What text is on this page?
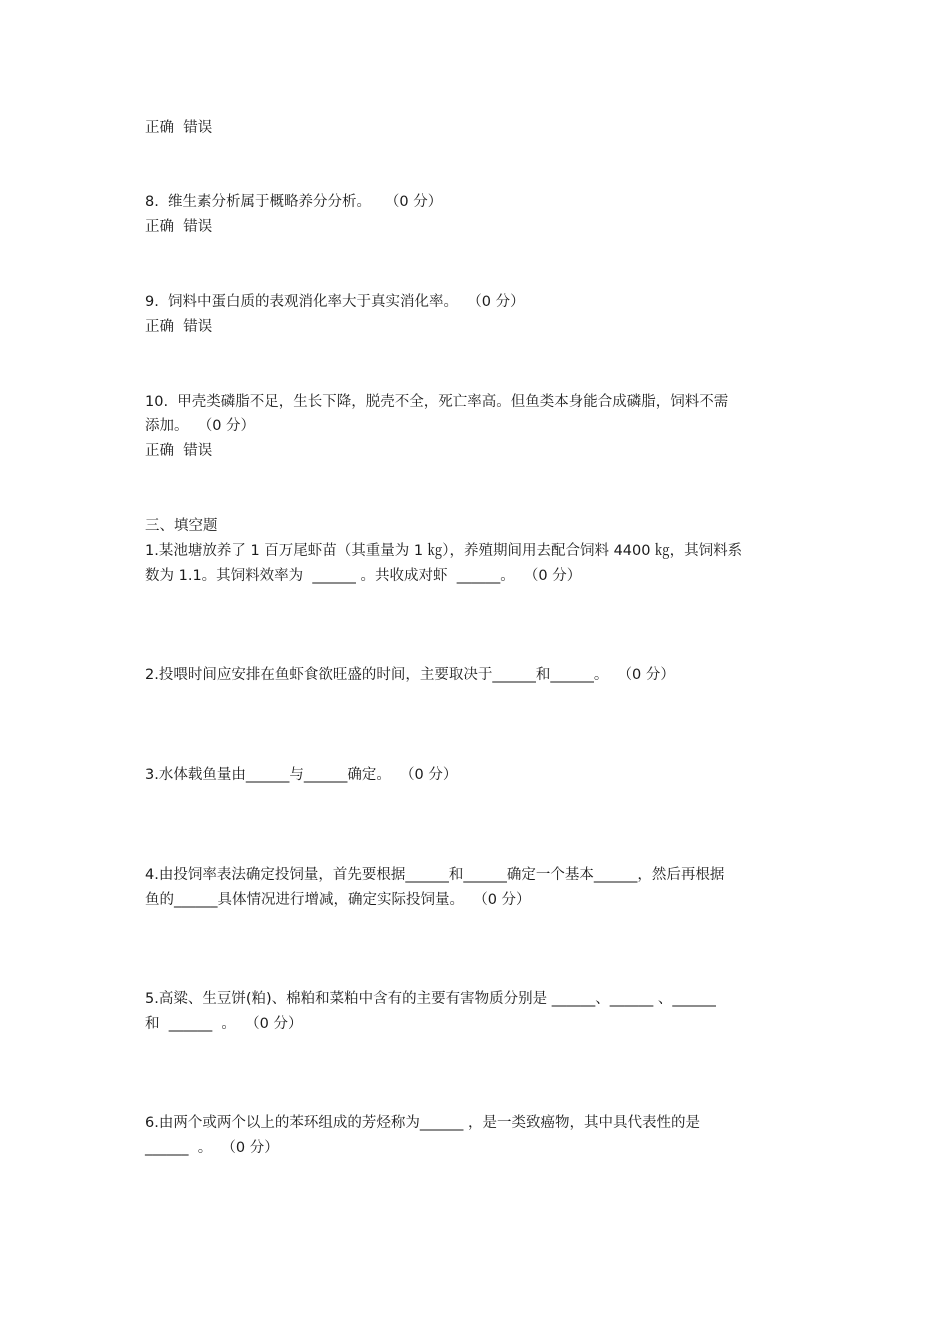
正确  错误
8.  维生素分析属于概略养分分析。   （0 分）
正确  错误
9.  饲料中蛋白质的表观消化率大于真实消化率。  （0 分）
正确  错误
10.  甲壳类磷脂不足，生长下降，脱壳不全，死亡率高。但鱼类本身能合成磷脂，饲料不需
添加。  （0 分）
正确  错误
三、填空题
1.某池塘放养了 1 百万尾虾苗（其重量为 1 ㎏），养殖期间用去配合饲料 4400 ㎏，其饲料系
数为 1.1。其饲料效率为  ______ 。共收成对虾  ______。  （0 分）
2.投喂时间应安排在鱼虾食欲旺盛的时间，主要取决于______和______。  （0 分）
3.水体载鱼量由______与______确定。  （0 分）
4.由投饲率表法确定投饲量，首先要根据______和______确定一个基本______，然后再根据
鱼的______具体情况进行增减，确定实际投饲量。  （0 分）
5.高粱、生豆饼(粕)、棉粕和菜粕中含有的主要有害物质分别是 ______、______ 、______
和  ______  。  （0 分）
6.由两个或两个以上的苯环组成的芳烃称为______ ，是一类致癌物，其中具代表性的是
______  。  （0 分）
